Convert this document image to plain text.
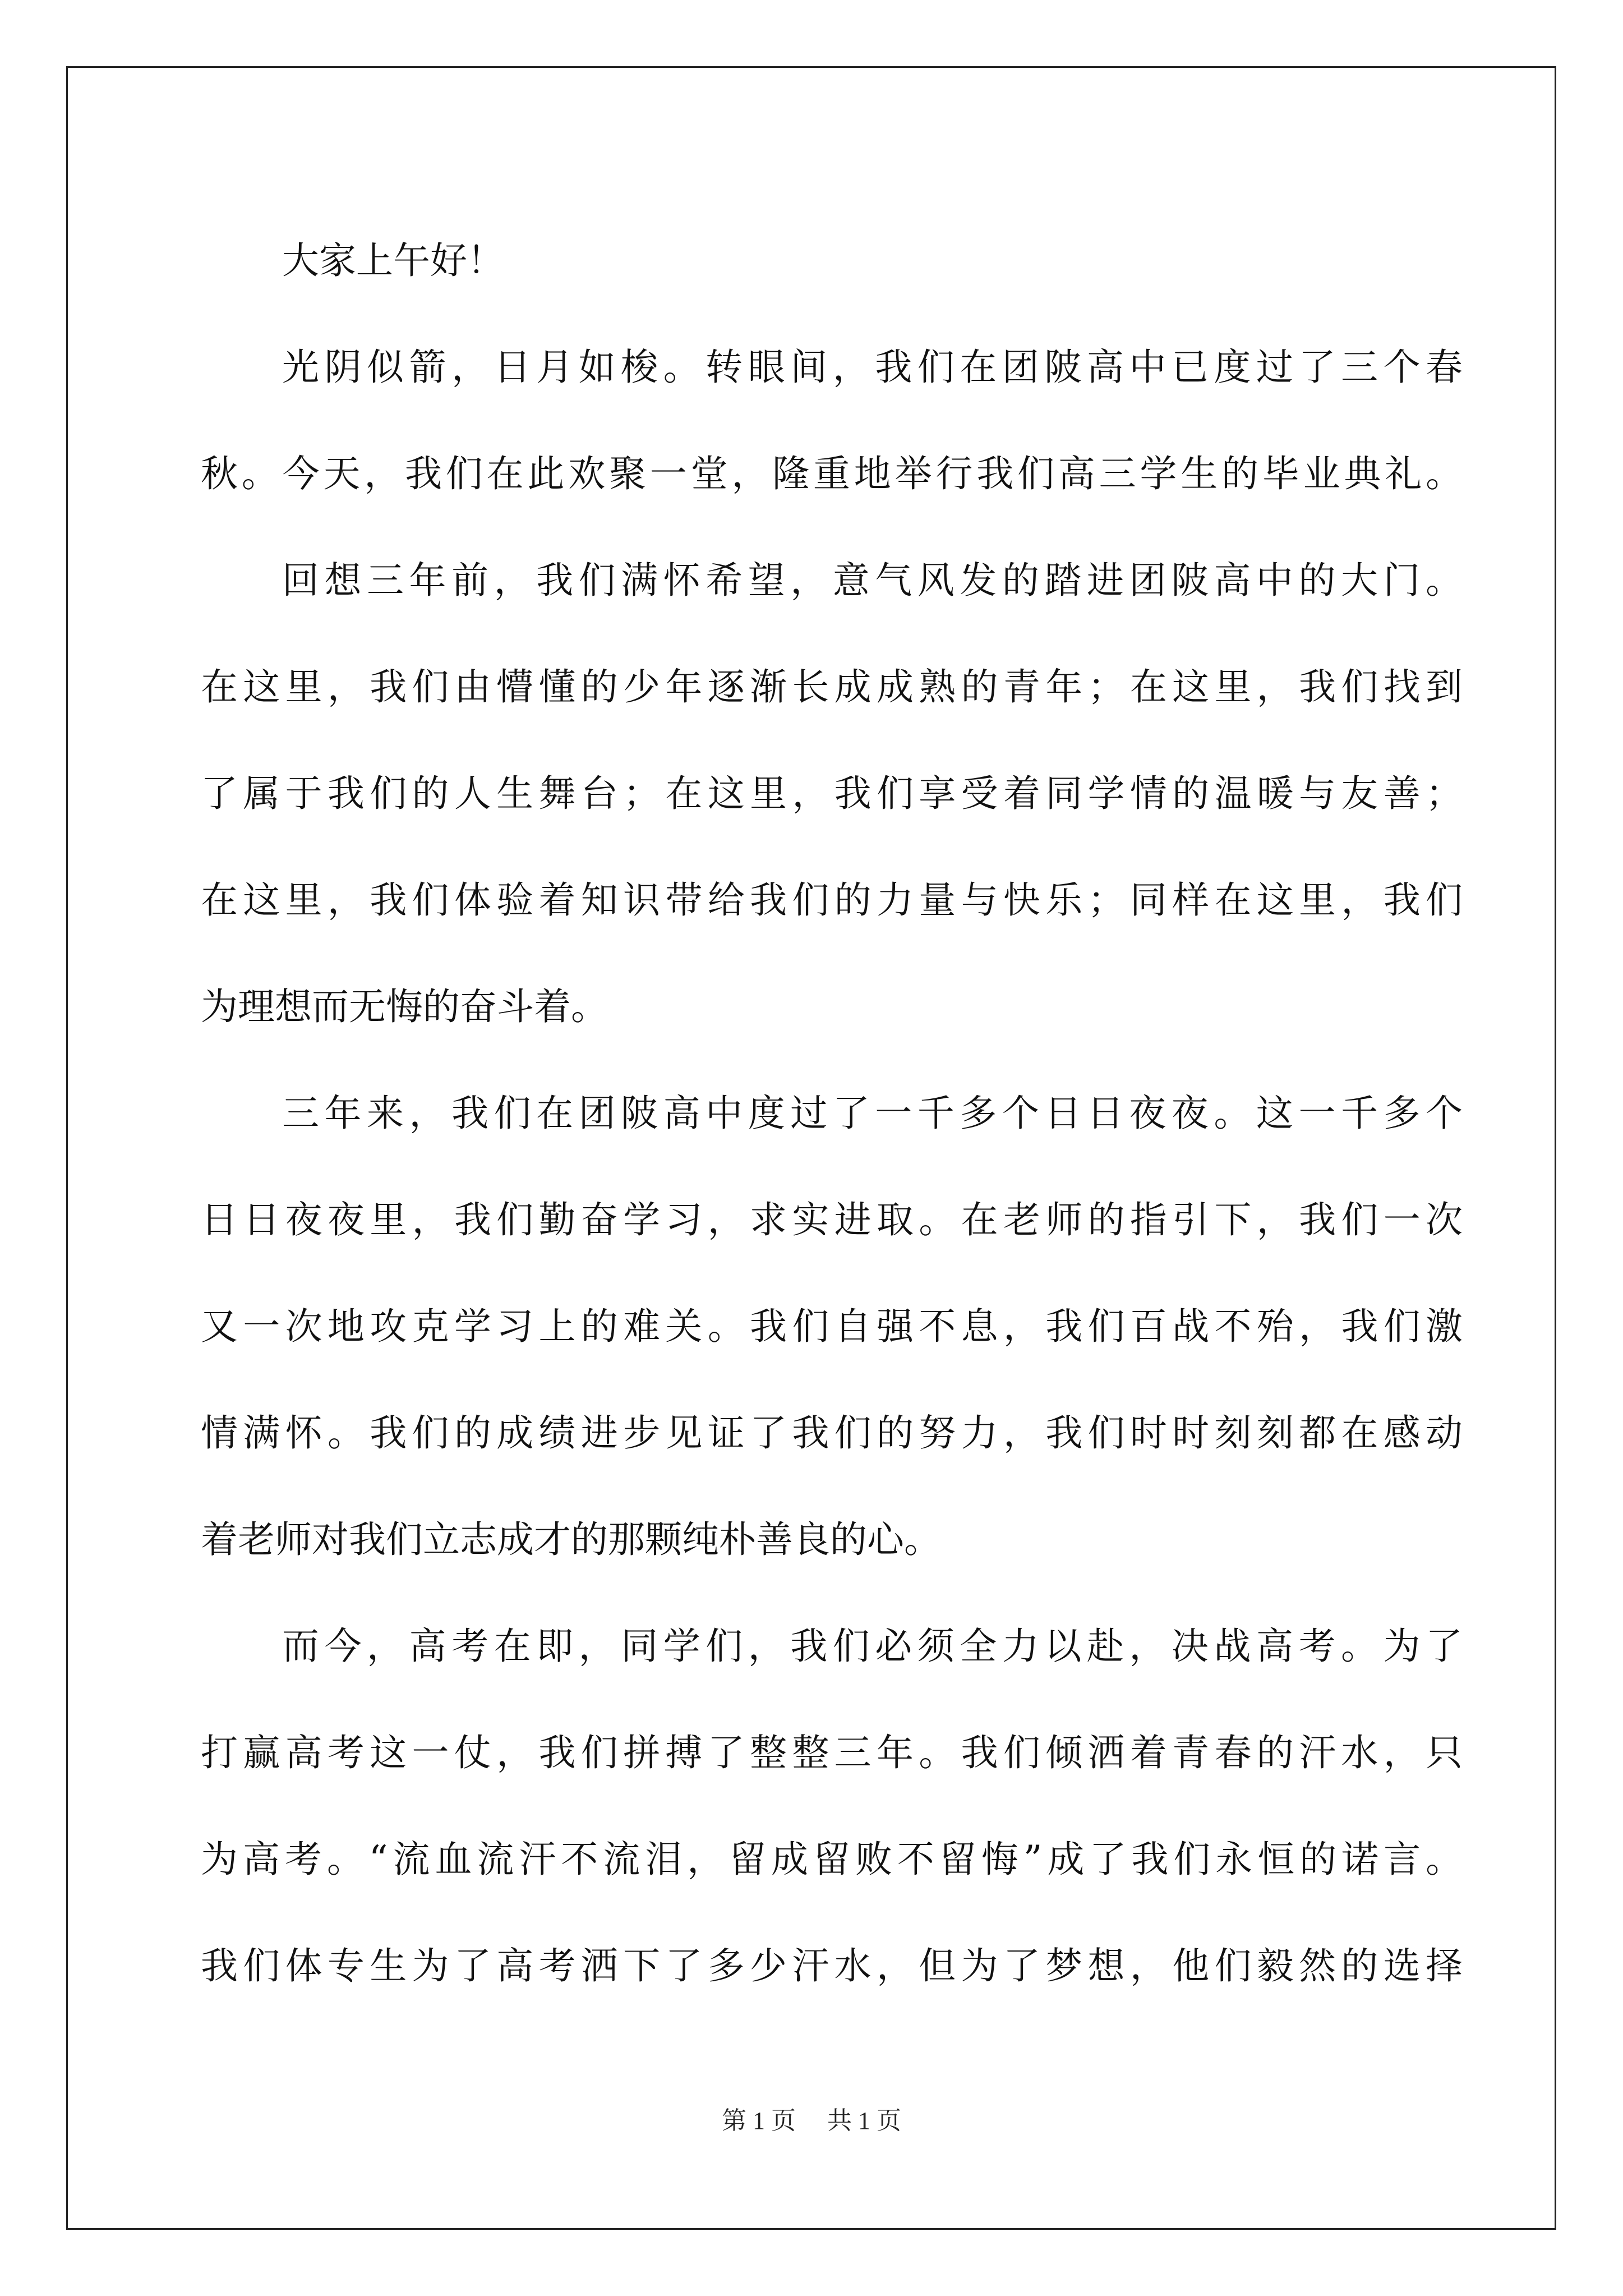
大家上午好！
光阴似箭，日月如梭。转眼间，我们在团陂高中已度过了三个春
秋。今天，我们在此欢聚一堂，隆重地举行我们高三学生的毕业典礼。
回想三年前，我们满怀希望，意气风发的踏进团陂高中的大门。
在这里，我们由懵懂的少年逐渐长成成熟的青年；在这里，我们找到
了属于我们的人生舞台；在这里，我们享受着同学情的温暖与友善；
在这里，我们体验着知识带给我们的力量与快乐；同样在这里，我们
为理想而无悔的奋斗着。
三年来，我们在团陂高中度过了一千多个日日夜夜。这一千多个
日日夜夜里，我们勤奋学习，求实进取。在老师的指引下，我们一次
又一次地攻克学习上的难关。我们自强不息，我们百战不殆，我们激
情满怀。我们的成绩进步见证了我们的努力，我们时时刻刻都在感动
着老师对我们立志成才的那颗纯朴善良的心。
而今，高考在即，同学们，我们必须全力以赴，决战高考。为了
打赢高考这一仗，我们拼搏了整整三年。我们倾洒着青春的汗水，只
为高考。“流血流汗不流泪，留成留败不留悔”成了我们永恒的诺言。
我们体专生为了高考洒下了多少汗水，但为了梦想，他们毅然的选择
第 1 页 共 1 页
